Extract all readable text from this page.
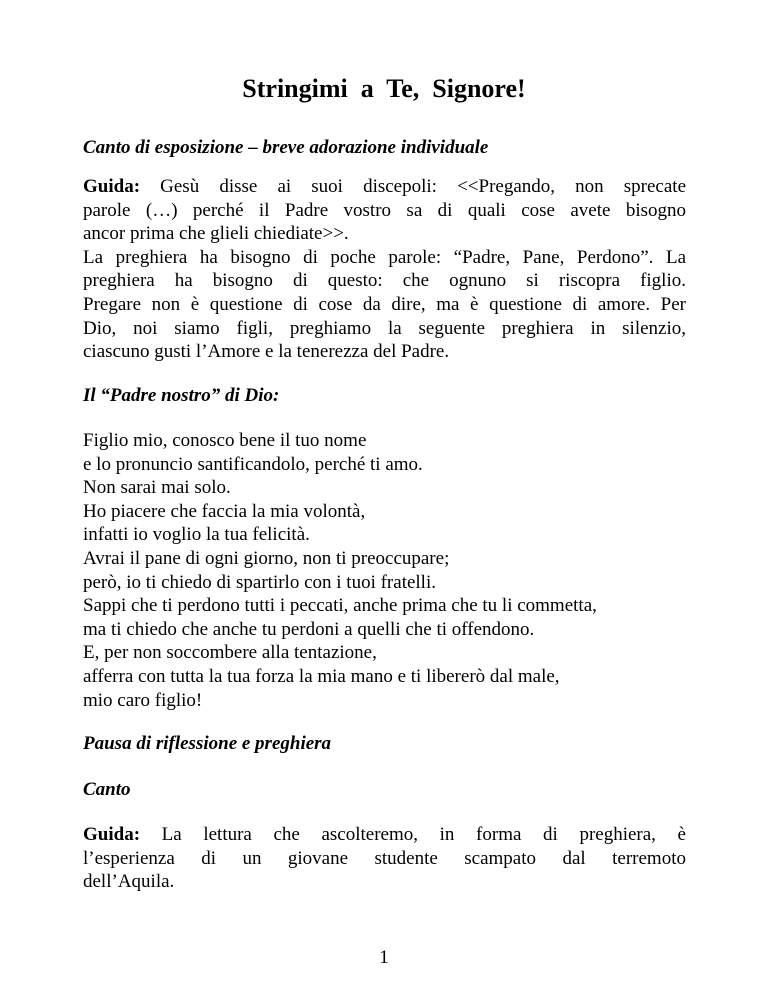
Stringimi  a  Te,  Signore!
Canto di esposizione – breve adorazione individuale
Guida: Gesù disse ai suoi discepoli: <<Pregando, non sprecate
parole (…) perché il Padre vostro sa di quali cose avete bisogno
ancor prima che glieli chiediate>>.
La preghiera ha bisogno di poche parole: “Padre, Pane, Perdono”. La
preghiera ha bisogno di questo: che ognuno si riscopra figlio.
Pregare non è questione di cose da dire, ma è questione di amore. Per
Dio, noi siamo figli, preghiamo la seguente preghiera in silenzio,
ciascuno gusti l’Amore e la tenerezza del Padre.
Il “Padre nostro” di Dio:
Figlio mio, conosco bene il tuo nome
e lo pronuncio santificandolo, perché ti amo.
Non sarai mai solo.
Ho piacere che faccia la mia volontà,
infatti io voglio la tua felicità.
Avrai il pane di ogni giorno, non ti preoccupare;
però, io ti chiedo di spartirlo con i tuoi fratelli.
Sappi che ti perdono tutti i peccati, anche prima che tu li commetta,
ma ti chiedo che anche tu perdoni a quelli che ti offendono.
E, per non soccombere alla tentazione,
afferra con tutta la tua forza la mia mano e ti libererò dal male,
mio caro figlio!
Pausa di riflessione e preghiera
Canto
Guida: La lettura che ascolteremo, in forma di preghiera, è
l’esperienza di un giovane studente scampato dal terremoto
dell’Aquila.
1
